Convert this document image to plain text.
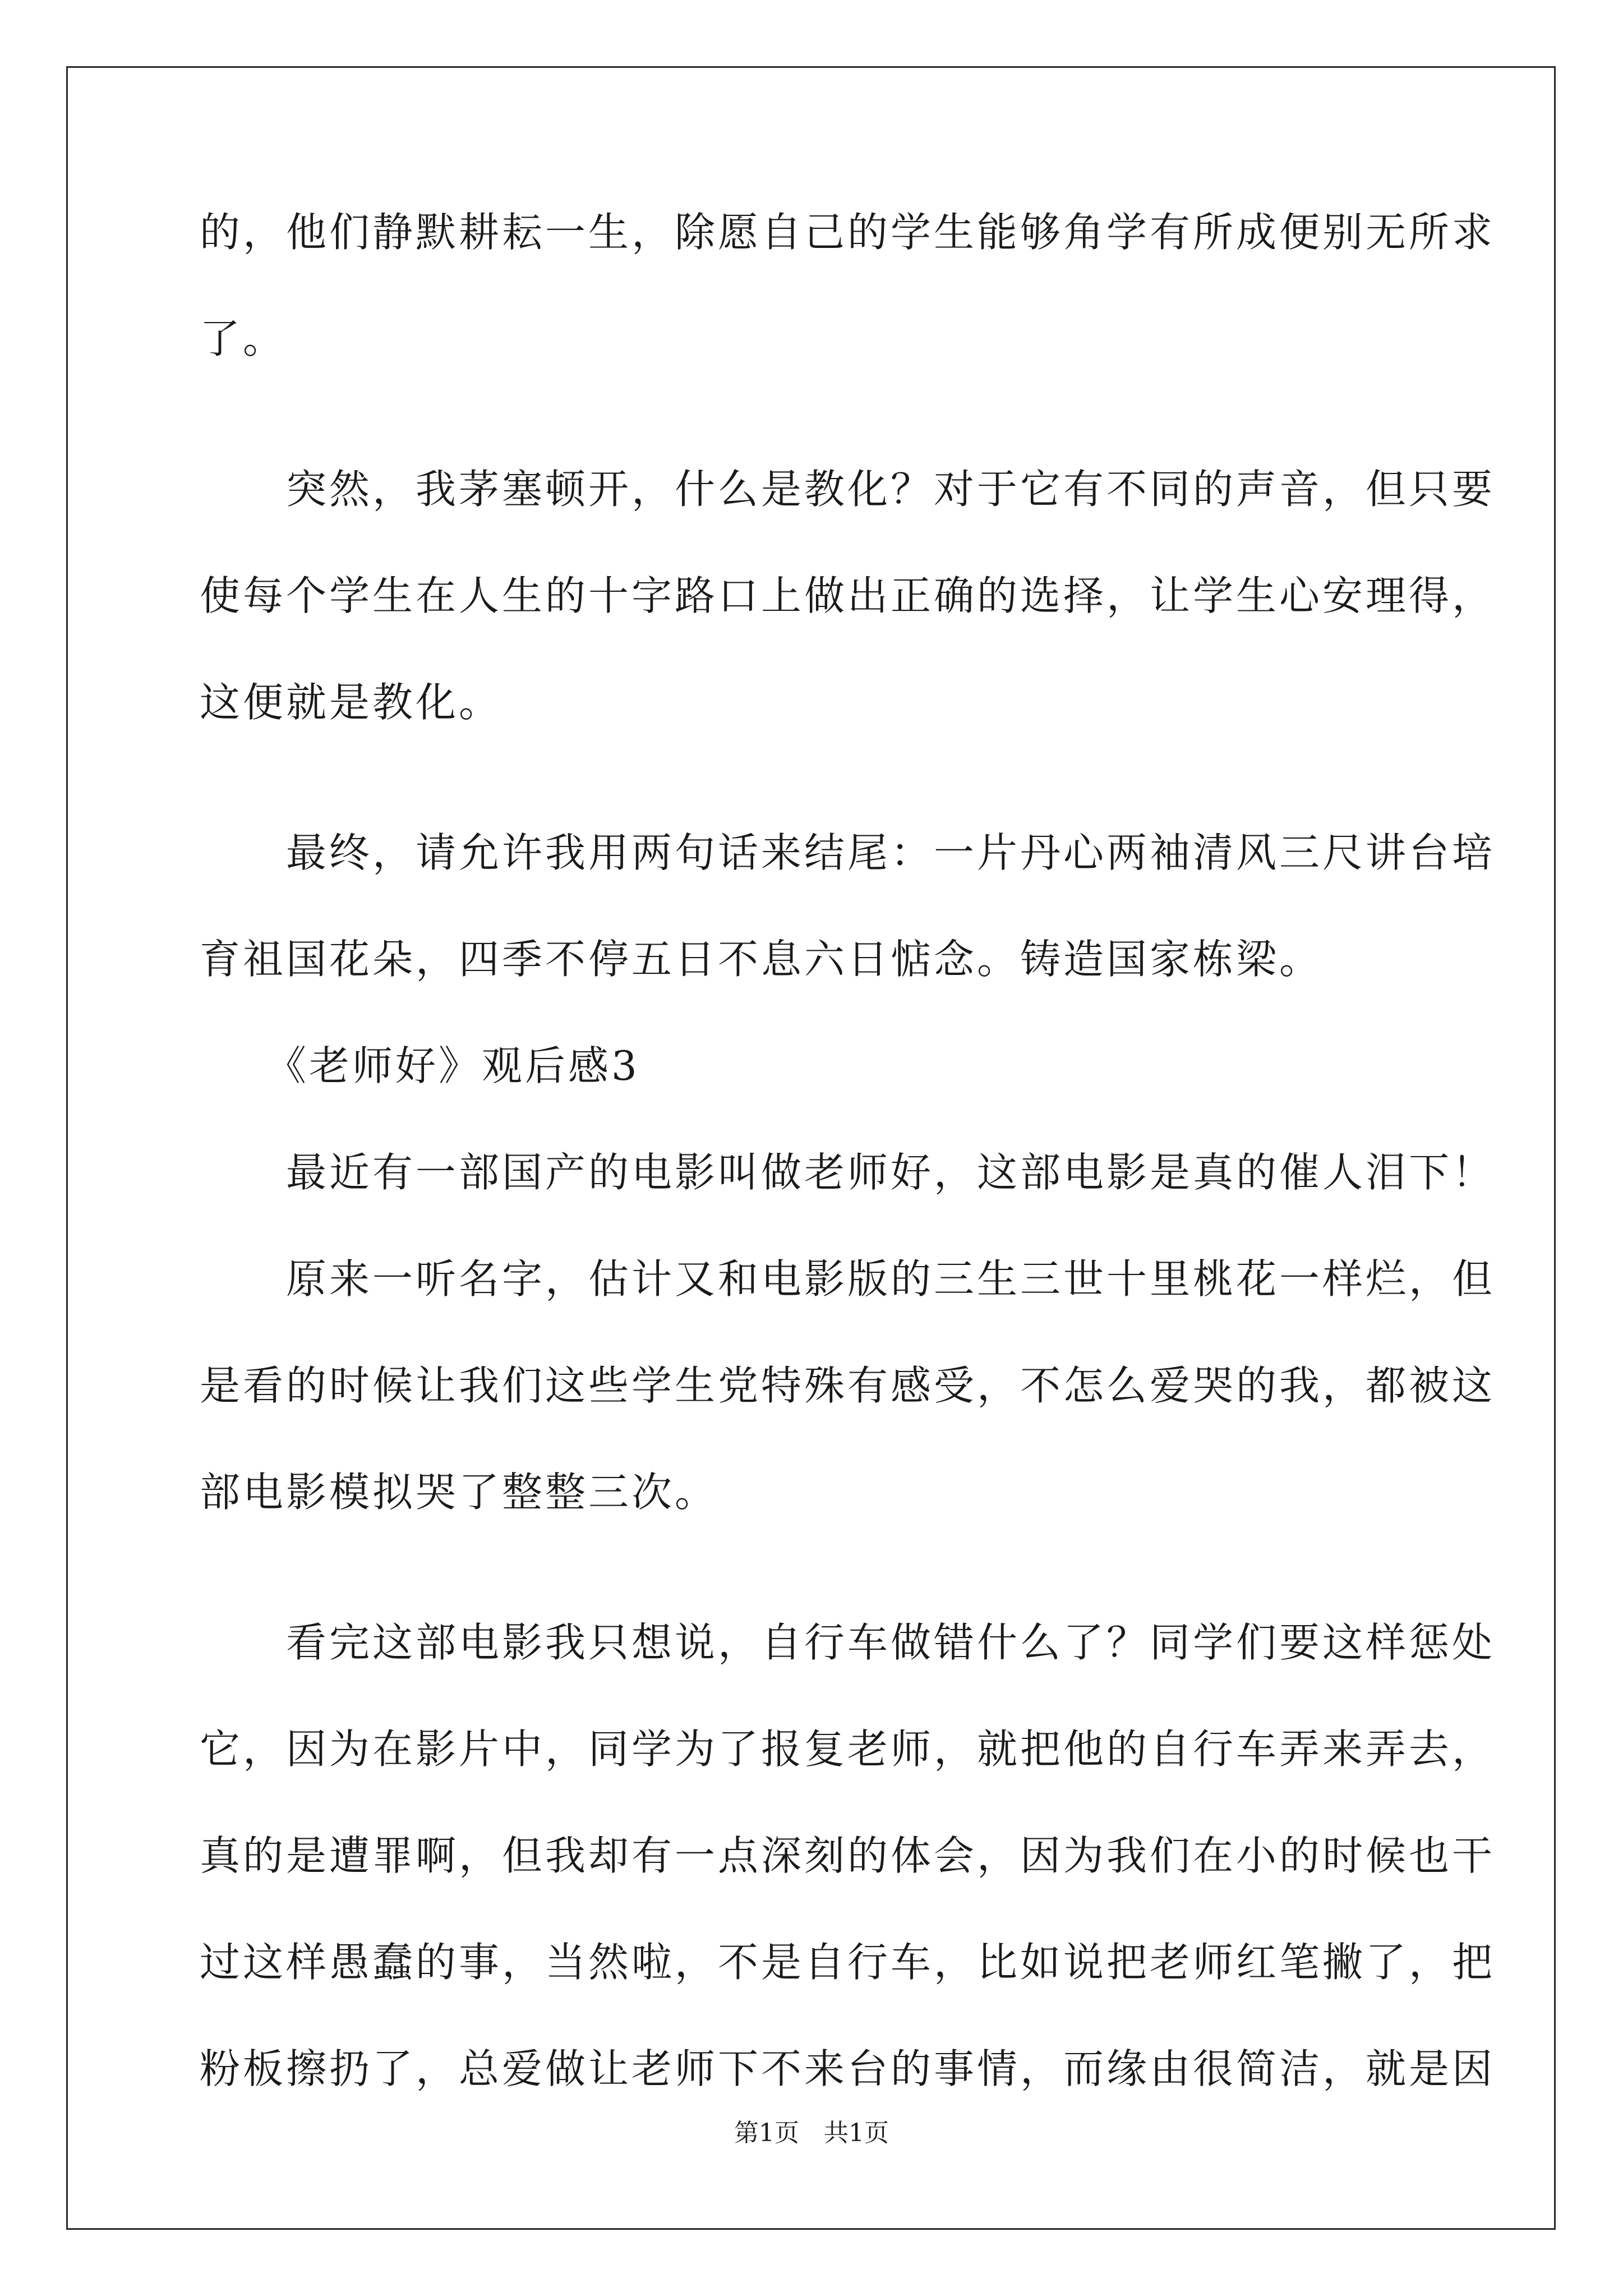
的，他们静默耕耘一生，除愿自己的学生能够角学有所成便别无所求

了。

　　突然，我茅塞顿开，什么是教化？对于它有不同的声音，但只要

使每个学生在人生的十字路口上做出正确的选择，让学生心安理得，

这便就是教化。

　　最终，请允许我用两句话来结尾：一片丹心两袖清风三尺讲台培

育祖国花朵，四季不停五日不息六日惦念。铸造国家栋梁。

　　《老师好》观后感3

　　最近有一部国产的电影叫做老师好，这部电影是真的催人泪下！

　　原来一听名字，估计又和电影版的三生三世十里桃花一样烂，但

是看的时候让我们这些学生党特殊有感受，不怎么爱哭的我，都被这

部电影模拟哭了整整三次。

　　看完这部电影我只想说，自行车做错什么了？同学们要这样惩处

它，因为在影片中，同学为了报复老师，就把他的自行车弄来弄去，

真的是遭罪啊，但我却有一点深刻的体会，因为我们在小的时候也干

过这样愚蠢的事，当然啦，不是自行车，比如说把老师红笔撇了，把

粉板擦扔了，总爱做让老师下不来台的事情，而缘由很简洁，就是因

第1页　共1页
